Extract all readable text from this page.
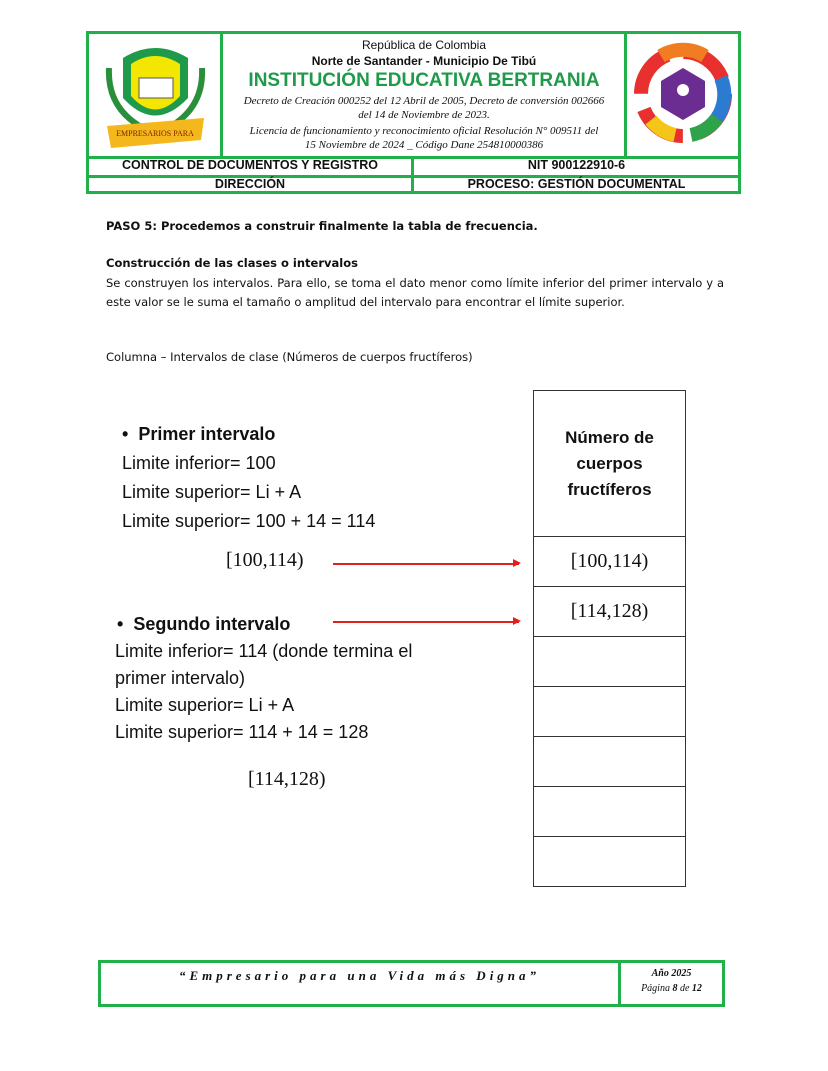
EMPRESARIOS PARA
República de Colombia
Norte de Santander - Municipio De Tibú
INSTITUCIÓN EDUCATIVA BERTRANIA
Decreto de Creación 000252 del 12 Abril de 2005, Decreto de conversión 002666
del 14 de Noviembre de 2023.
Licencia de funcionamiento y reconocimiento oficial Resolución N° 009511 del
15 Noviembre de 2024 _ Código Dane 254810000386
CONTROL DE DOCUMENTOS Y REGISTRO	NIT 900122910-6
DIRECCIÓN	PROCESO: GESTIÓN DOCUMENTAL
PASO 5: Procedemos a construir finalmente la tabla de frecuencia.
Construcción de las clases o intervalos
Se construyen los intervalos. Para ello, se toma el dato menor como límite inferior del primer intervalo y a este valor se le suma el tamaño o amplitud del intervalo para encontrar el límite superior.
Columna – Intervalos de clase (Números de cuerpos fructíferos)
•  Primer intervalo
Limite inferior= 100
Limite superior= Li + A
Limite superior= 100 + 14 = 114
[100,114)
•  Segundo intervalo
Limite inferior= 114 (donde termina el
primer intervalo)
Limite superior= Li + A
Limite superior= 114 + 14 = 128
[114,128)
Número de
cuerpos
fructíferos
[100,114)
[114,128)
“Empresario para una Vida más Digna”	Año 2025
Página 8 de 12
